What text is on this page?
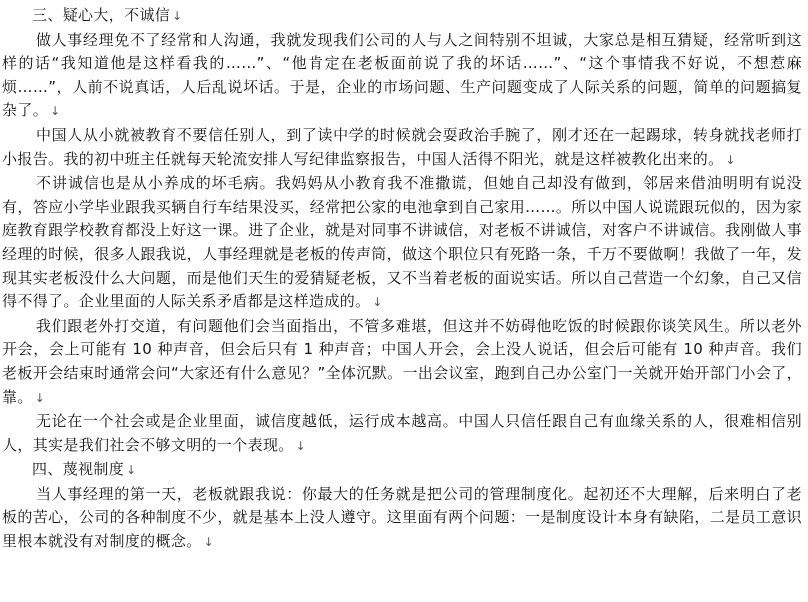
三、疑心大，不诚信 ↓

做人事经理免不了经常和人沟通，我就发现我们公司的人与人之间特别不坦诚，大家总是相互猜疑，经常听到这样的话“我知道他是这样看我的……”、“他肯定在老板面前说了我的坏话……”、“这个事情我不好说，不想惹麻烦……”，人前不说真话，人后乱说坏话。于是，企业的市场问题、生产问题变成了人际关系的问题，简单的问题搞复杂了。 ↓

中国人从小就被教育不要信任别人，到了读中学的时候就会耍政治手腕了，刚才还在一起踢球，转身就找老师打小报告。我的初中班主任就每天轮流安排人写纪律监察报告，中国人活得不阳光，就是这样被教化出来的。 ↓

不讲诚信也是从小养成的坏毛病。我妈妈从小教育我不准撒谎，但她自己却没有做到，邻居来借油明明有说没有，答应小学毕业跟我买辆自行车结果没买，经常把公家的电池拿到自己家用……。所以中国人说谎跟玩似的，因为家庭教育跟学校教育都没上好这一课。进了企业，就是对同事不讲诚信，对老板不讲诚信，对客户不讲诚信。我刚做人事经理的时候，很多人跟我说，人事经理就是老板的传声筒，做这个职位只有死路一条，千万不要做啊！我做了一年，发现其实老板没什么大问题，而是他们天生的爱猜疑老板，又不当着老板的面说实话。所以自己营造一个幻象，自己又信得不得了。企业里面的人际关系矛盾都是这样造成的。 ↓

我们跟老外打交道，有问题他们会当面指出，不管多难堪，但这并不妨碍他吃饭的时候跟你谈笑风生。所以老外开会，会上可能有 10 种声音，但会后只有 1 种声音；中国人开会，会上没人说话，但会后可能有 10 种声音。我们老板开会结束时通常会问“大家还有什么意见？”全体沉默。一出会议室，跑到自己办公室门一关就开始开部门小会了，靠。 ↓

无论在一个社会或是企业里面，诚信度越低，运行成本越高。中国人只信任跟自己有血缘关系的人，很难相信别人，其实是我们社会不够文明的一个表现。 ↓

四、蔑视制度 ↓

当人事经理的第一天，老板就跟我说：你最大的任务就是把公司的管理制度化。起初还不大理解，后来明白了老板的苦心，公司的各种制度不少，就是基本上没人遵守。这里面有两个问题：一是制度设计本身有缺陷，二是员工意识里根本就没有对制度的概念。 ↓
